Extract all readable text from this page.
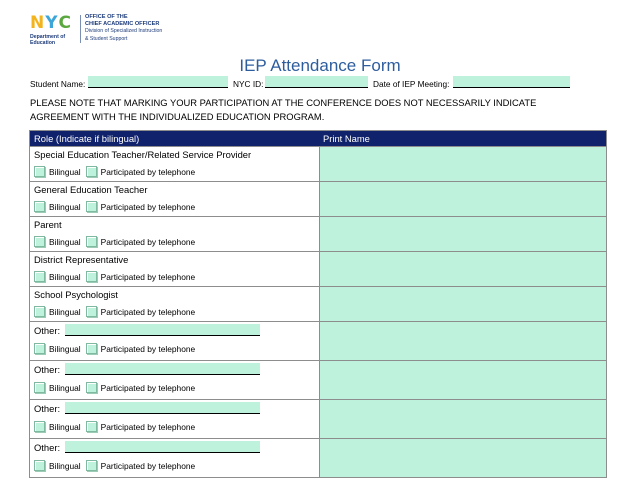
N Y C
Department of
Education
OFFICE OF THE
CHIEF ACADEMIC OFFICER
Division of Specialized Instruction
& Student Support
IEP Attendance Form
Student Name:	NYC ID:	Date of IEP Meeting:
PLEASE NOTE THAT MARKING YOUR PARTICIPATION AT THE CONFERENCE DOES NOT NECESSARILY INDICATE AGREEMENT WITH THE INDIVIDUALIZED EDUCATION PROGRAM.
Role (Indicate if bilingual)	Print Name
Special Education Teacher/Related Service Provider
Bilingual Participated by telephone
General Education Teacher
Bilingual Participated by telephone
Parent
Bilingual Participated by telephone
District Representative
Bilingual Participated by telephone
School Psychologist
Bilingual Participated by telephone
Other:
Bilingual Participated by telephone
Other:
Bilingual Participated by telephone
Other:
Bilingual Participated by telephone
Other:
Bilingual Participated by telephone
